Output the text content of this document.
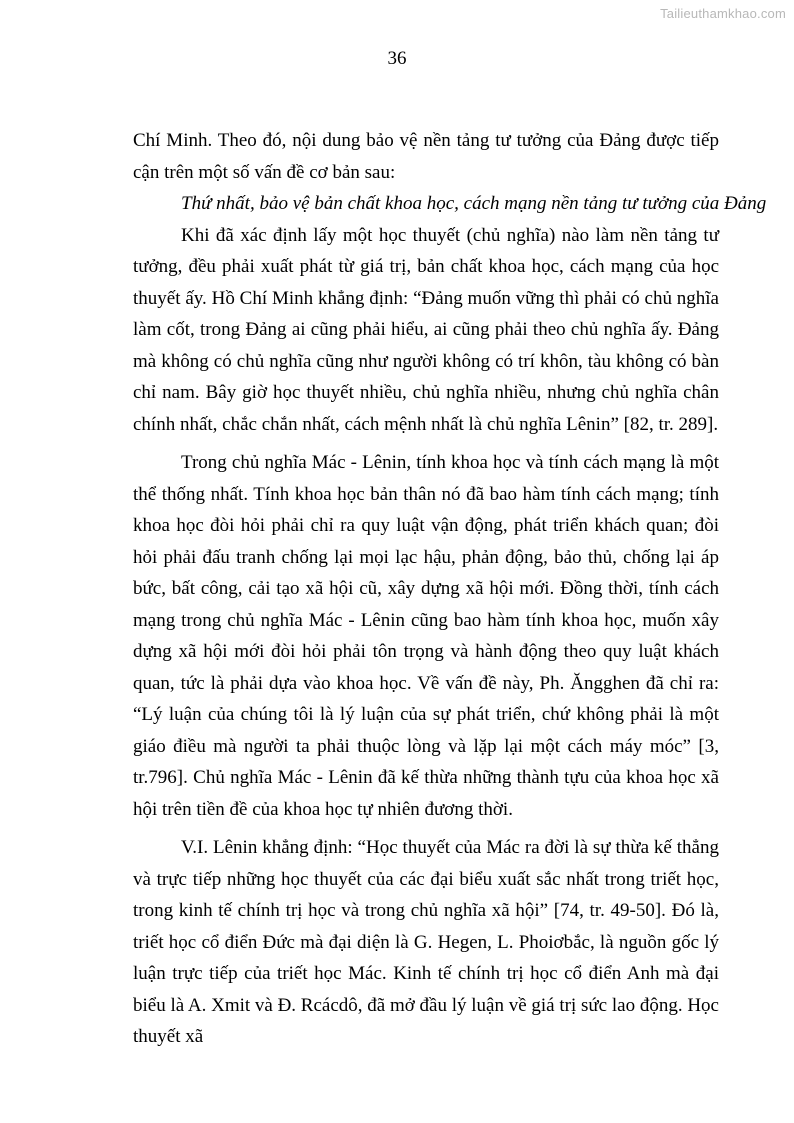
Tailieuthamkhao.com
36

Chí Minh. Theo đó, nội dung bảo vệ nền tảng tư tưởng của Đảng được tiếp cận trên một số vấn đề cơ bản sau:

Thứ nhất, bảo vệ bản chất khoa học, cách mạng nền tảng tư tưởng của Đảng

Khi đã xác định lấy một học thuyết (chủ nghĩa) nào làm nền tảng tư tưởng, đều phải xuất phát từ giá trị, bản chất khoa học, cách mạng của học thuyết ấy. Hồ Chí Minh khẳng định: “Đảng muốn vững thì phải có chủ nghĩa làm cốt, trong Đảng ai cũng phải hiểu, ai cũng phải theo chủ nghĩa ấy. Đảng mà không có chủ nghĩa cũng như người không có trí khôn, tàu không có bàn chỉ nam. Bây giờ học thuyết nhiều, chủ nghĩa nhiều, nhưng chủ nghĩa chân chính nhất, chắc chắn nhất, cách mệnh nhất là chủ nghĩa Lênin” [82, tr. 289].

Trong chủ nghĩa Mác - Lênin, tính khoa học và tính cách mạng là một thể thống nhất. Tính khoa học bản thân nó đã bao hàm tính cách mạng; tính khoa học đòi hỏi phải chỉ ra quy luật vận động, phát triển khách quan; đòi hỏi phải đấu tranh chống lại mọi lạc hậu, phản động, bảo thủ, chống lại áp bức, bất công, cải tạo xã hội cũ, xây dựng xã hội mới. Đồng thời, tính cách mạng trong chủ nghĩa Mác - Lênin cũng bao hàm tính khoa học, muốn xây dựng xã hội mới đòi hỏi phải tôn trọng và hành động theo quy luật khách quan, tức là phải dựa vào khoa học. Về vấn đề này, Ph. Ăngghen đã chỉ ra: “Lý luận của chúng tôi là lý luận của sự phát triển, chứ không phải là một giáo điều mà người ta phải thuộc lòng và lặp lại một cách máy móc” [3, tr.796]. Chủ nghĩa Mác - Lênin đã kế thừa những thành tựu của khoa học xã hội trên tiền đề của khoa học tự nhiên đương thời.

V.I. Lênin khẳng định: “Học thuyết của Mác ra đời là sự thừa kế thẳng và trực tiếp những học thuyết của các đại biểu xuất sắc nhất trong triết học, trong kinh tế chính trị học và trong chủ nghĩa xã hội” [74, tr. 49-50]. Đó là, triết học cổ điển Đức mà đại diện là G. Hegen, L. Phoiơbắc, là nguồn gốc lý luận trực tiếp của triết học Mác. Kinh tế chính trị học cổ điển Anh mà đại biểu là A. Xmit và Đ. Rcácdô, đã mở đầu lý luận về giá trị sức lao động. Học thuyết xã
